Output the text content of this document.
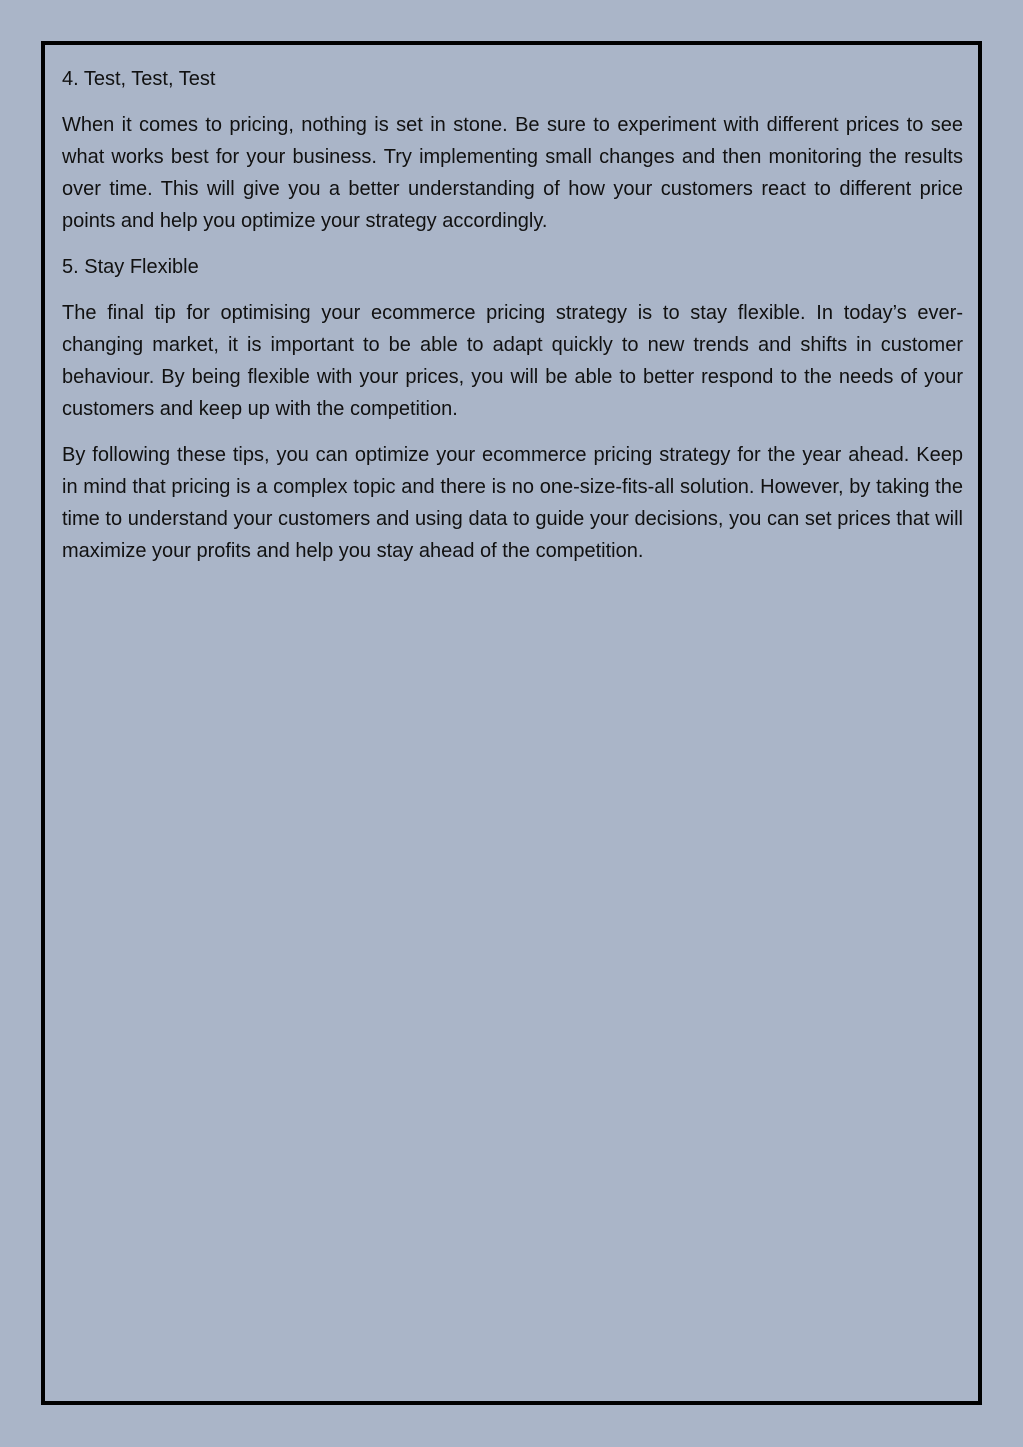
4. Test, Test, Test

When it comes to pricing, nothing is set in stone. Be sure to experiment with different prices to see what works best for your business. Try implementing small changes and then monitoring the results over time. This will give you a better understanding of how your customers react to different price points and help you optimize your strategy accordingly.

5. Stay Flexible

The final tip for optimising your ecommerce pricing strategy is to stay flexible. In today’s ever-changing market, it is important to be able to adapt quickly to new trends and shifts in customer behaviour. By being flexible with your prices, you will be able to better respond to the needs of your customers and keep up with the competition.

By following these tips, you can optimize your ecommerce pricing strategy for the year ahead. Keep in mind that pricing is a complex topic and there is no one-size-fits-all solution. However, by taking the time to understand your customers and using data to guide your decisions, you can set prices that will maximize your profits and help you stay ahead of the competition.
